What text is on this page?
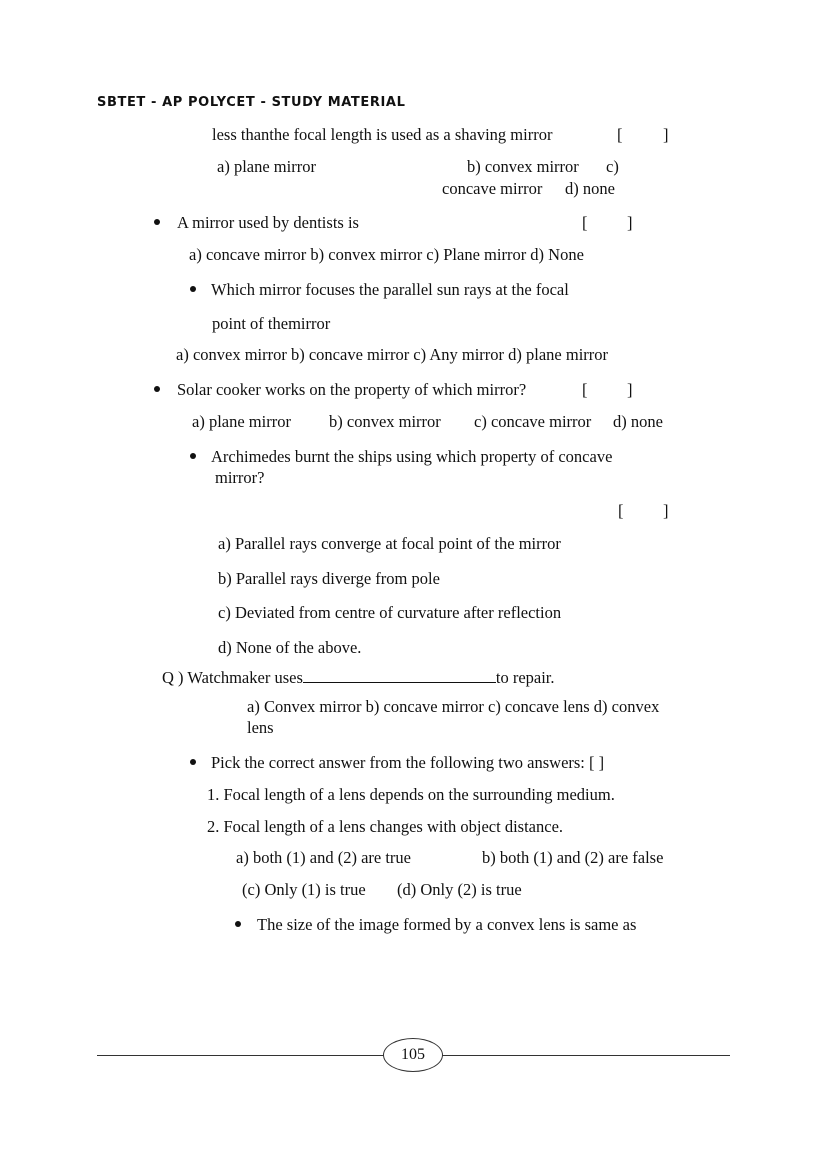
SBTET - AP POLYCET - STUDY MATERIAL
less thanthe focal length is used as a shaving mirror	[ ]
a) plane mirror	b) convex mirror c)
concave mirror d) none
A mirror used by dentists is	[ ]
a) concave mirror b) convex mirror c) Plane mirror d) None
Which mirror focuses the parallel sun rays at the focal
point of themirror
a) convex mirror b) concave mirror c) Any mirror d) plane mirror
Solar cooker works on the property of which mirror?	[ ]
a) plane mirror b) convex mirror c) concave mirror d) none
Archimedes burnt the ships using which property of concave
mirror?
[ ]
a) Parallel rays converge at focal point of the mirror
b) Parallel rays diverge from pole
c) Deviated from centre of curvature after reflection
d) None of the above.
Q ) Watchmaker uses	to repair.
a) Convex mirror b) concave mirror c) concave lens d) convex
lens
Pick the correct answer from the following two answers: [ ]
1. Focal length of a lens depends on the surrounding medium.
2. Focal length of a lens changes with object distance.
a) both (1) and (2) are true	b) both (1) and (2) are false
(c) Only (1) is true (d) Only (2) is true
The size of the image formed by a convex lens is same as
105
